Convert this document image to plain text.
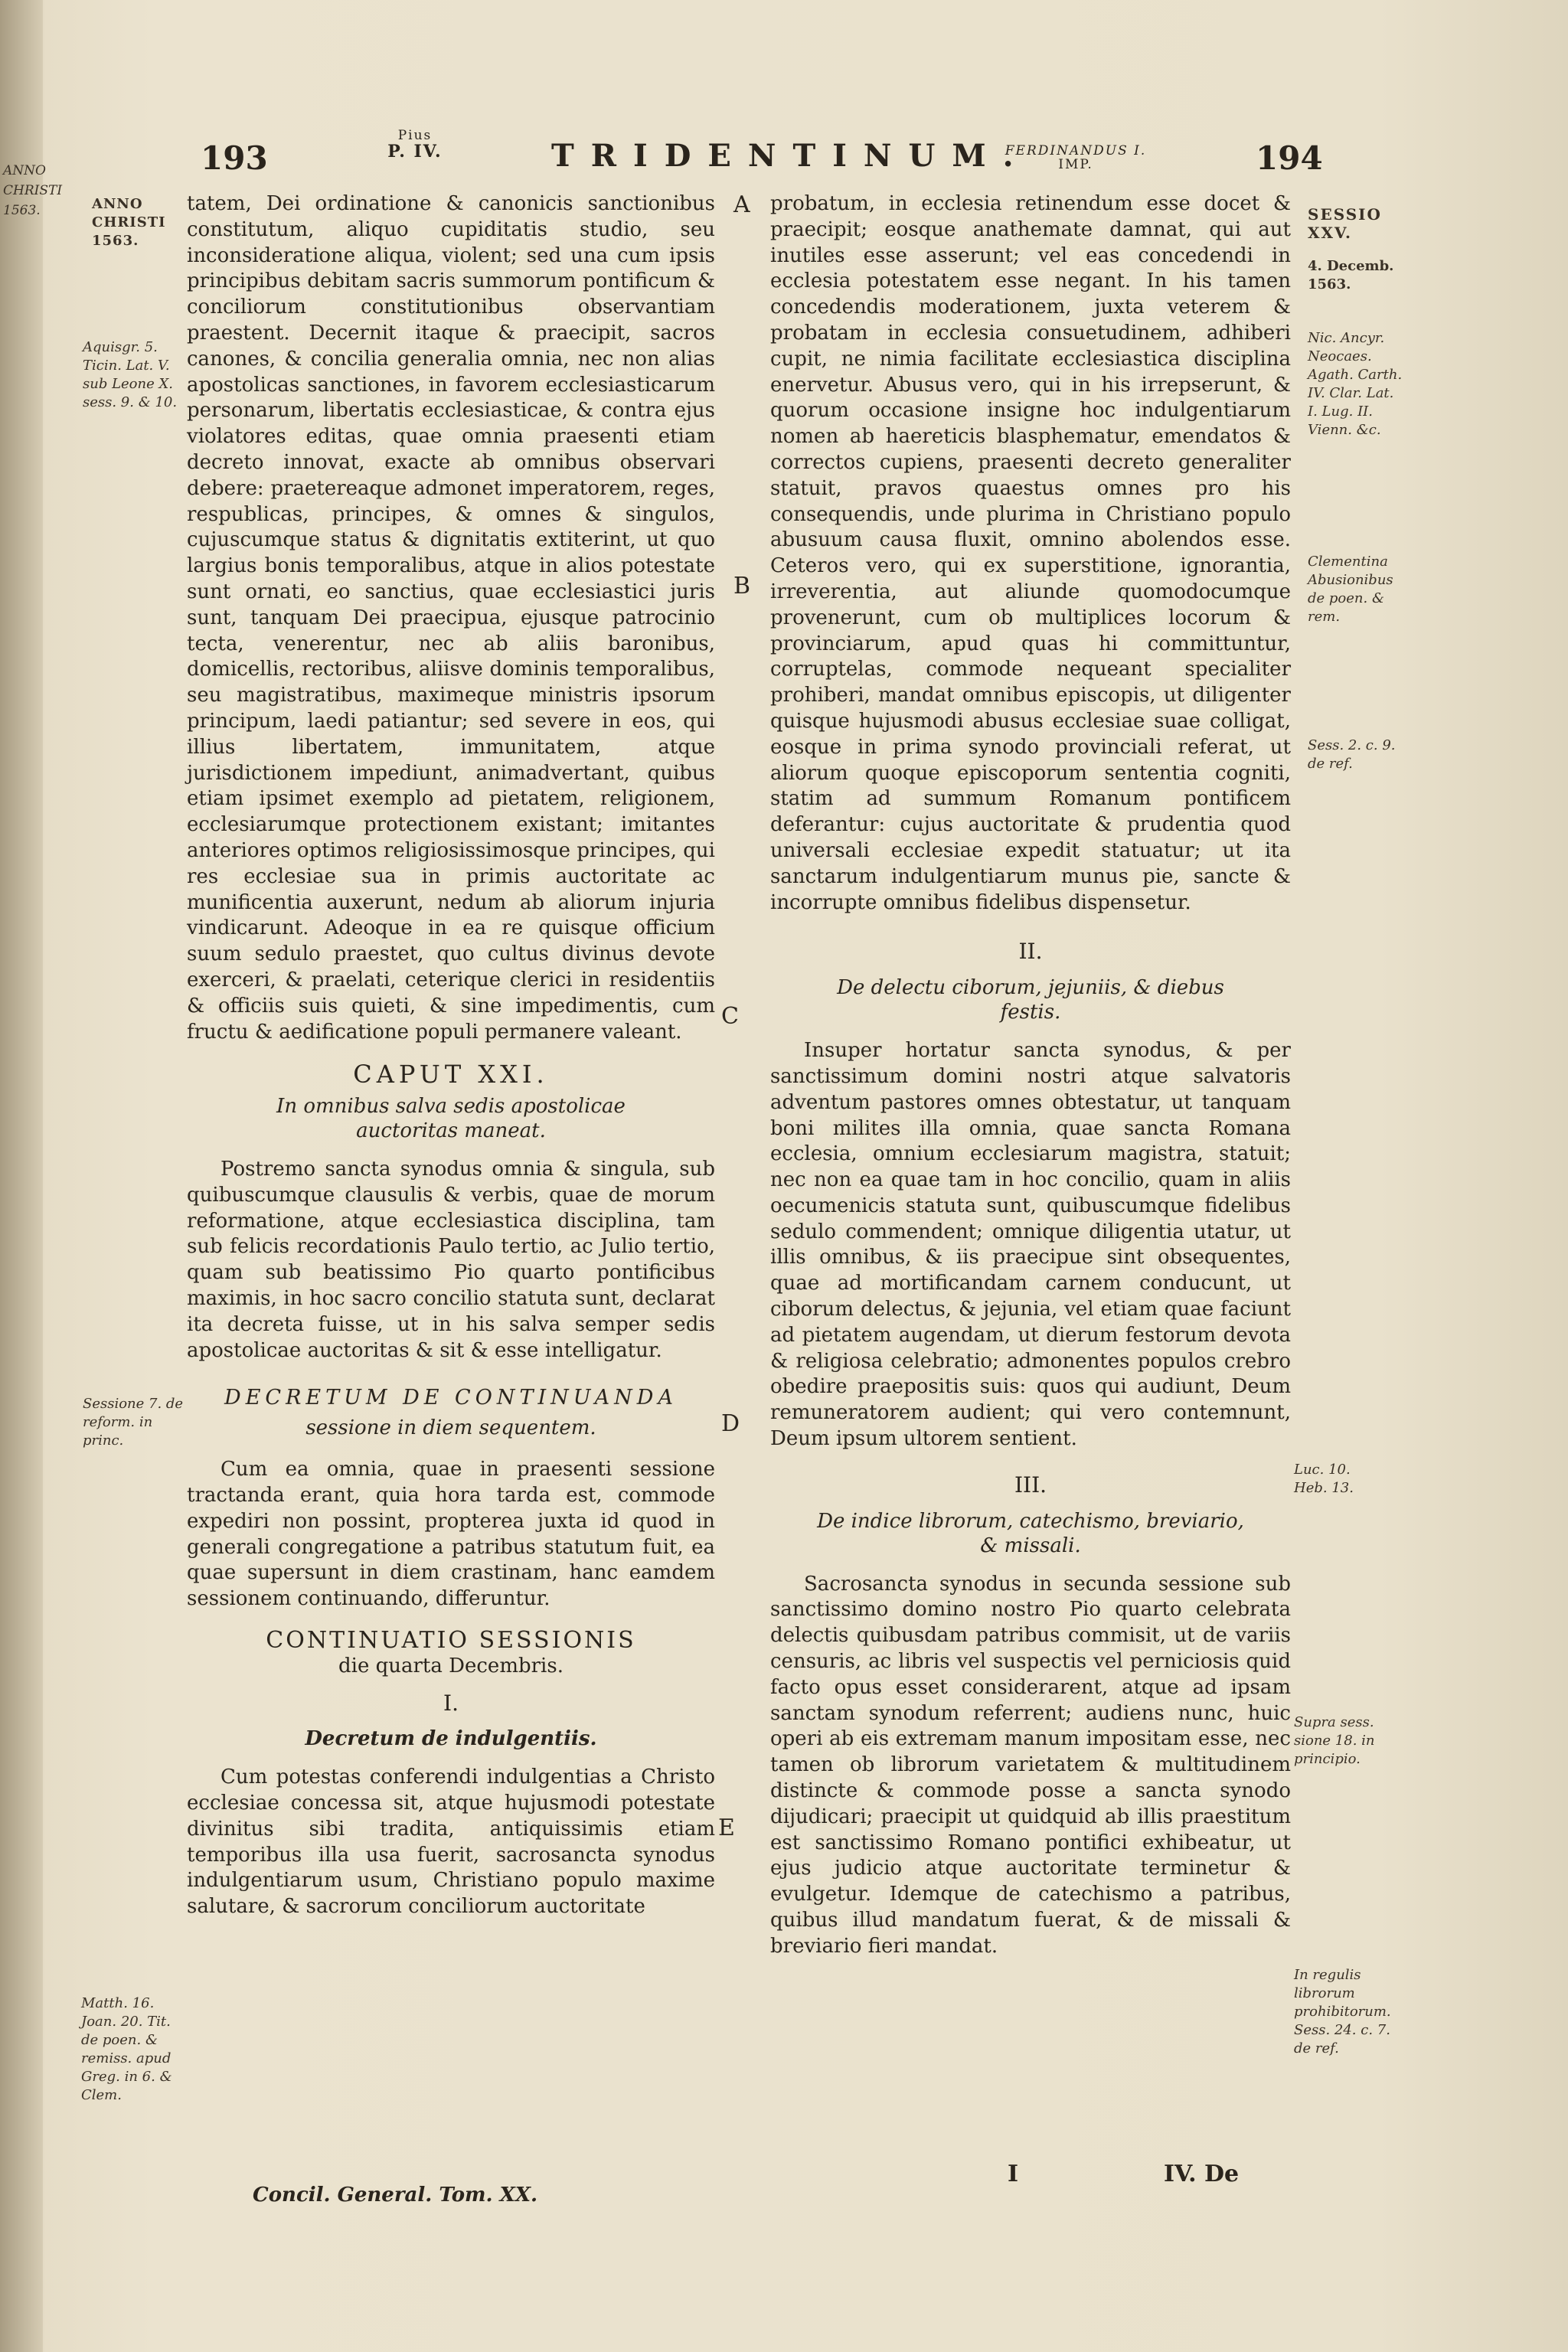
ANNO CHRISTI 1563.
193
Pius
P. IV.	TRIDENTINUM.
FERDINANDUS I.
IMP.	194
ANNO CHRISTI 1563.
Aquisgr. 5. Ticin. Lat. V. sub Leone X. sess. 9. & 10.
Sessione 7. de reform. in princ.
Matth. 16. Joan. 20. Tit. de poen. & remiss. apud Greg. in 6. & Clem.
A
B
C
D
E

tatem, Dei ordinatione & canonicis sanctionibus constitutum, aliquo cupiditatis studio, seu inconsideratione aliqua, violent; sed una cum ipsis principibus debitam sacris summorum pontificum & conciliorum constitutionibus observantiam praestent. Decernit itaque & praecipit, sacros canones, & concilia generalia omnia, nec non alias apostolicas sanctiones, in favorem ecclesiasticarum personarum, libertatis ecclesiasticae, & contra ejus violatores editas, quae omnia praesenti etiam decreto innovat, exacte ab omnibus observari debere: praetereaque admonet imperatorem, reges, respublicas, principes, & omnes & singulos, cujuscumque status & dignitatis extiterint, ut quo largius bonis temporalibus, atque in alios potestate sunt ornati, eo sanctius, quae ecclesiastici juris sunt, tanquam Dei praecipua, ejusque patrocinio tecta, venerentur, nec ab aliis baronibus, domicellis, rectoribus, aliisve dominis temporalibus, seu magistratibus, maximeque ministris ipsorum principum, laedi patiantur; sed severe in eos, qui illius libertatem, immunitatem, atque jurisdictionem impediunt, animadvertant, quibus etiam ipsimet exemplo ad pietatem, religionem, ecclesiarumque protectionem existant; imitantes anteriores optimos religiosissimosque principes, qui res ecclesiae sua in primis auctoritate ac munificentia auxerunt, nedum ab aliorum injuria vindicarunt. Adeoque in ea re quisque officium suum sedulo praestet, quo cultus divinus devote exerceri, & praelati, ceterique clerici in residentiis & officiis suis quieti, & sine impedimentis, cum fructu & aedificatione populi permanere valeant.

CAPUT XXI.
In omnibus salva sedis apostolicae auctoritas maneat.

Postremo sancta synodus omnia & singula, sub quibuscumque clausulis & verbis, quae de morum reformatione, atque ecclesiastica disciplina, tam sub felicis recordationis Paulo tertio, ac Julio tertio, quam sub beatissimo Pio quarto pontificibus maximis, in hoc sacro concilio statuta sunt, declarat ita decreta fuisse, ut in his salva semper sedis apostolicae auctoritas & sit & esse intelligatur.

DECRETUM DE CONTINUANDA
sessione in diem sequentem.

Cum ea omnia, quae in praesenti sessione tractanda erant, quia hora tarda est, commode expediri non possint, propterea juxta id quod in generali congregatione a patribus statutum fuit, ea quae supersunt in diem crastinam, hanc eamdem sessionem continuando, differuntur.

CONTINUATIO SESSIONIS
die quarta Decembris.
I.
Decretum de indulgentiis.

Cum potestas conferendi indulgentias a Christo ecclesiae concessa sit, atque hujusmodi potestate divinitus sibi tradita, antiquissimis etiam temporibus illa usa fuerit, sacrosancta synodus indulgentiarum usum, Christiano populo maxime salutare, & sacrorum conciliorum auctoritate

probatum, in ecclesia retinendum esse docet & praecipit; eosque anathemate damnat, qui aut inutiles esse asserunt; vel eas concedendi in ecclesia potestatem esse negant. In his tamen concedendis moderationem, juxta veterem & probatam in ecclesia consuetudinem, adhiberi cupit, ne nimia facilitate ecclesiastica disciplina enervetur. Abusus vero, qui in his irrepserunt, & quorum occasione insigne hoc indulgentiarum nomen ab haereticis blasphematur, emendatos & correctos cupiens, praesenti decreto generaliter statuit, pravos quaestus omnes pro his consequendis, unde plurima in Christiano populo abusuum causa fluxit, omnino abolendos esse. Ceteros vero, qui ex superstitione, ignorantia, irreverentia, aut aliunde quomodocumque provenerunt, cum ob multiplices locorum & provinciarum, apud quas hi committuntur, corruptelas, commode nequeant specialiter prohiberi, mandat omnibus episcopis, ut diligenter quisque hujusmodi abusus ecclesiae suae colligat, eosque in prima synodo provinciali referat, ut aliorum quoque episcoporum sententia cogniti, statim ad summum Romanum pontificem deferantur: cujus auctoritate & prudentia quod universali ecclesiae expedit statuatur; ut ita sanctarum indulgentiarum munus pie, sancte & incorrupte omnibus fidelibus dispensetur.

II.
De delectu ciborum, jejuniis, & diebus festis.

Insuper hortatur sancta synodus, & per sanctissimum domini nostri atque salvatoris adventum pastores omnes obtestatur, ut tanquam boni milites illa omnia, quae sancta Romana ecclesia, omnium ecclesiarum magistra, statuit; nec non ea quae tam in hoc concilio, quam in aliis oecumenicis statuta sunt, quibuscumque fidelibus sedulo commendent; omnique diligentia utatur, ut illis omnibus, & iis praecipue sint obsequentes, quae ad mortificandam carnem conducunt, ut ciborum delectus, & jejunia, vel etiam quae faciunt ad pietatem augendam, ut dierum festorum devota & religiosa celebratio; admonentes populos crebro obedire praepositis suis: quos qui audiunt, Deum remuneratorem audient; qui vero contemnunt, Deum ipsum ultorem sentient.

III.
De indice librorum, catechismo, breviario, & missali.

Sacrosancta synodus in secunda sessione sub sanctissimo domino nostro Pio quarto celebrata delectis quibusdam patribus commisit, ut de variis censuris, ac libris vel suspectis vel perniciosis quid facto opus esset considerarent, atque ad ipsam sanctam synodum referrent; audiens nunc, huic operi ab eis extremam manum impositam esse, nec tamen ob librorum varietatem & multitudinem distincte & commode posse a sancta synodo dijudicari; praecipit ut quidquid ab illis praestitum est sanctissimo Romano pontifici exhibeatur, ut ejus judicio atque auctoritate terminetur & evulgetur. Idemque de catechismo a patribus, quibus illud mandatum fuerat, & de missali & breviario fieri mandat.

SESSIO XXV.
4. Decemb. 1563.
Nic. Ancyr. Neocaes. Agath. Carth. IV. Clar. Lat. I. Lug. II. Vienn. &c.
Clementina Abusionibus de poen. & rem.
Sess. 2. c. 9. de ref.
Luc. 10. Heb. 13.
Supra sess. sione 18. in principio.
In regulis librorum prohibitorum. Sess. 24. c. 7. de ref.
Concil. General. Tom. XX.
I	IV. De
